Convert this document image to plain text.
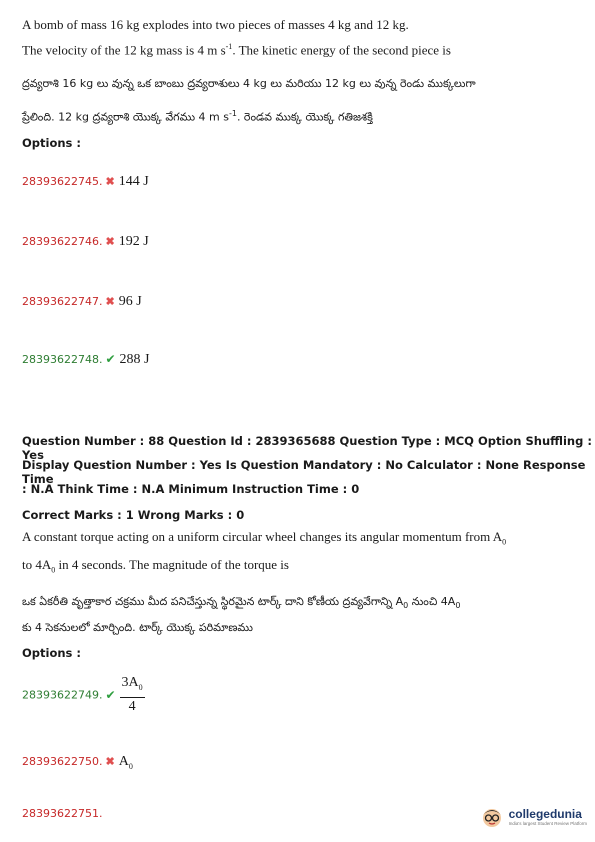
A bomb of mass 16 kg explodes into two pieces of masses 4 kg and 12 kg.
The velocity of the 12 kg mass is 4 m $s^{-1}$. The kinetic energy of the second piece is
ద్రవ్యరాశి 16 kg లు వున్న ఒక బాంబు ద్రవ్యరాశులు 4 kg లు మరియు 12 kg లు వున్న రెండు ముక్కలుగా
ప్రేలింది. 12 kg ద్రవ్యరాశి యొక్క వేగము 4 m $s^{-1}$. రెండవ ముక్క యొక్క గతిజశక్తి
Options :
28393622745. ✖ 144 J
28393622746. ✖ 192 J
28393622747. ✖ 96 J
28393622748. ✔ 288 J
Question Number : 88 Question Id : 2839365688 Question Type : MCQ Option Shuffling : Yes
Display Question Number : Yes Is Question Mandatory : No Calculator : None Response Time
: N.A Think Time : N.A Minimum Instruction Time : 0
Correct Marks : 1 Wrong Marks : 0
A constant torque acting on a uniform circular wheel changes its angular momentum from $A_0$
to $4A_0$ in 4 seconds. The magnitude of the torque is
ఒక ఏకరీతి వృత్తాకార చక్రము మీద పనిచేస్తున్న స్థిరమైన టార్క్ దాని కోణీయ ద్రవ్యవేగాన్ని $A_0$ నుంచి $4A_0$
కు 4 సెకనులలో మార్చింది. టార్క్ యొక్క పరిమాణము
Options :
28393622749. ✔ $\frac{3A_0}{4}$
28393622750. ✖ $A_0$
28393622751.	collegedunia
India's largest Student Review Platform
